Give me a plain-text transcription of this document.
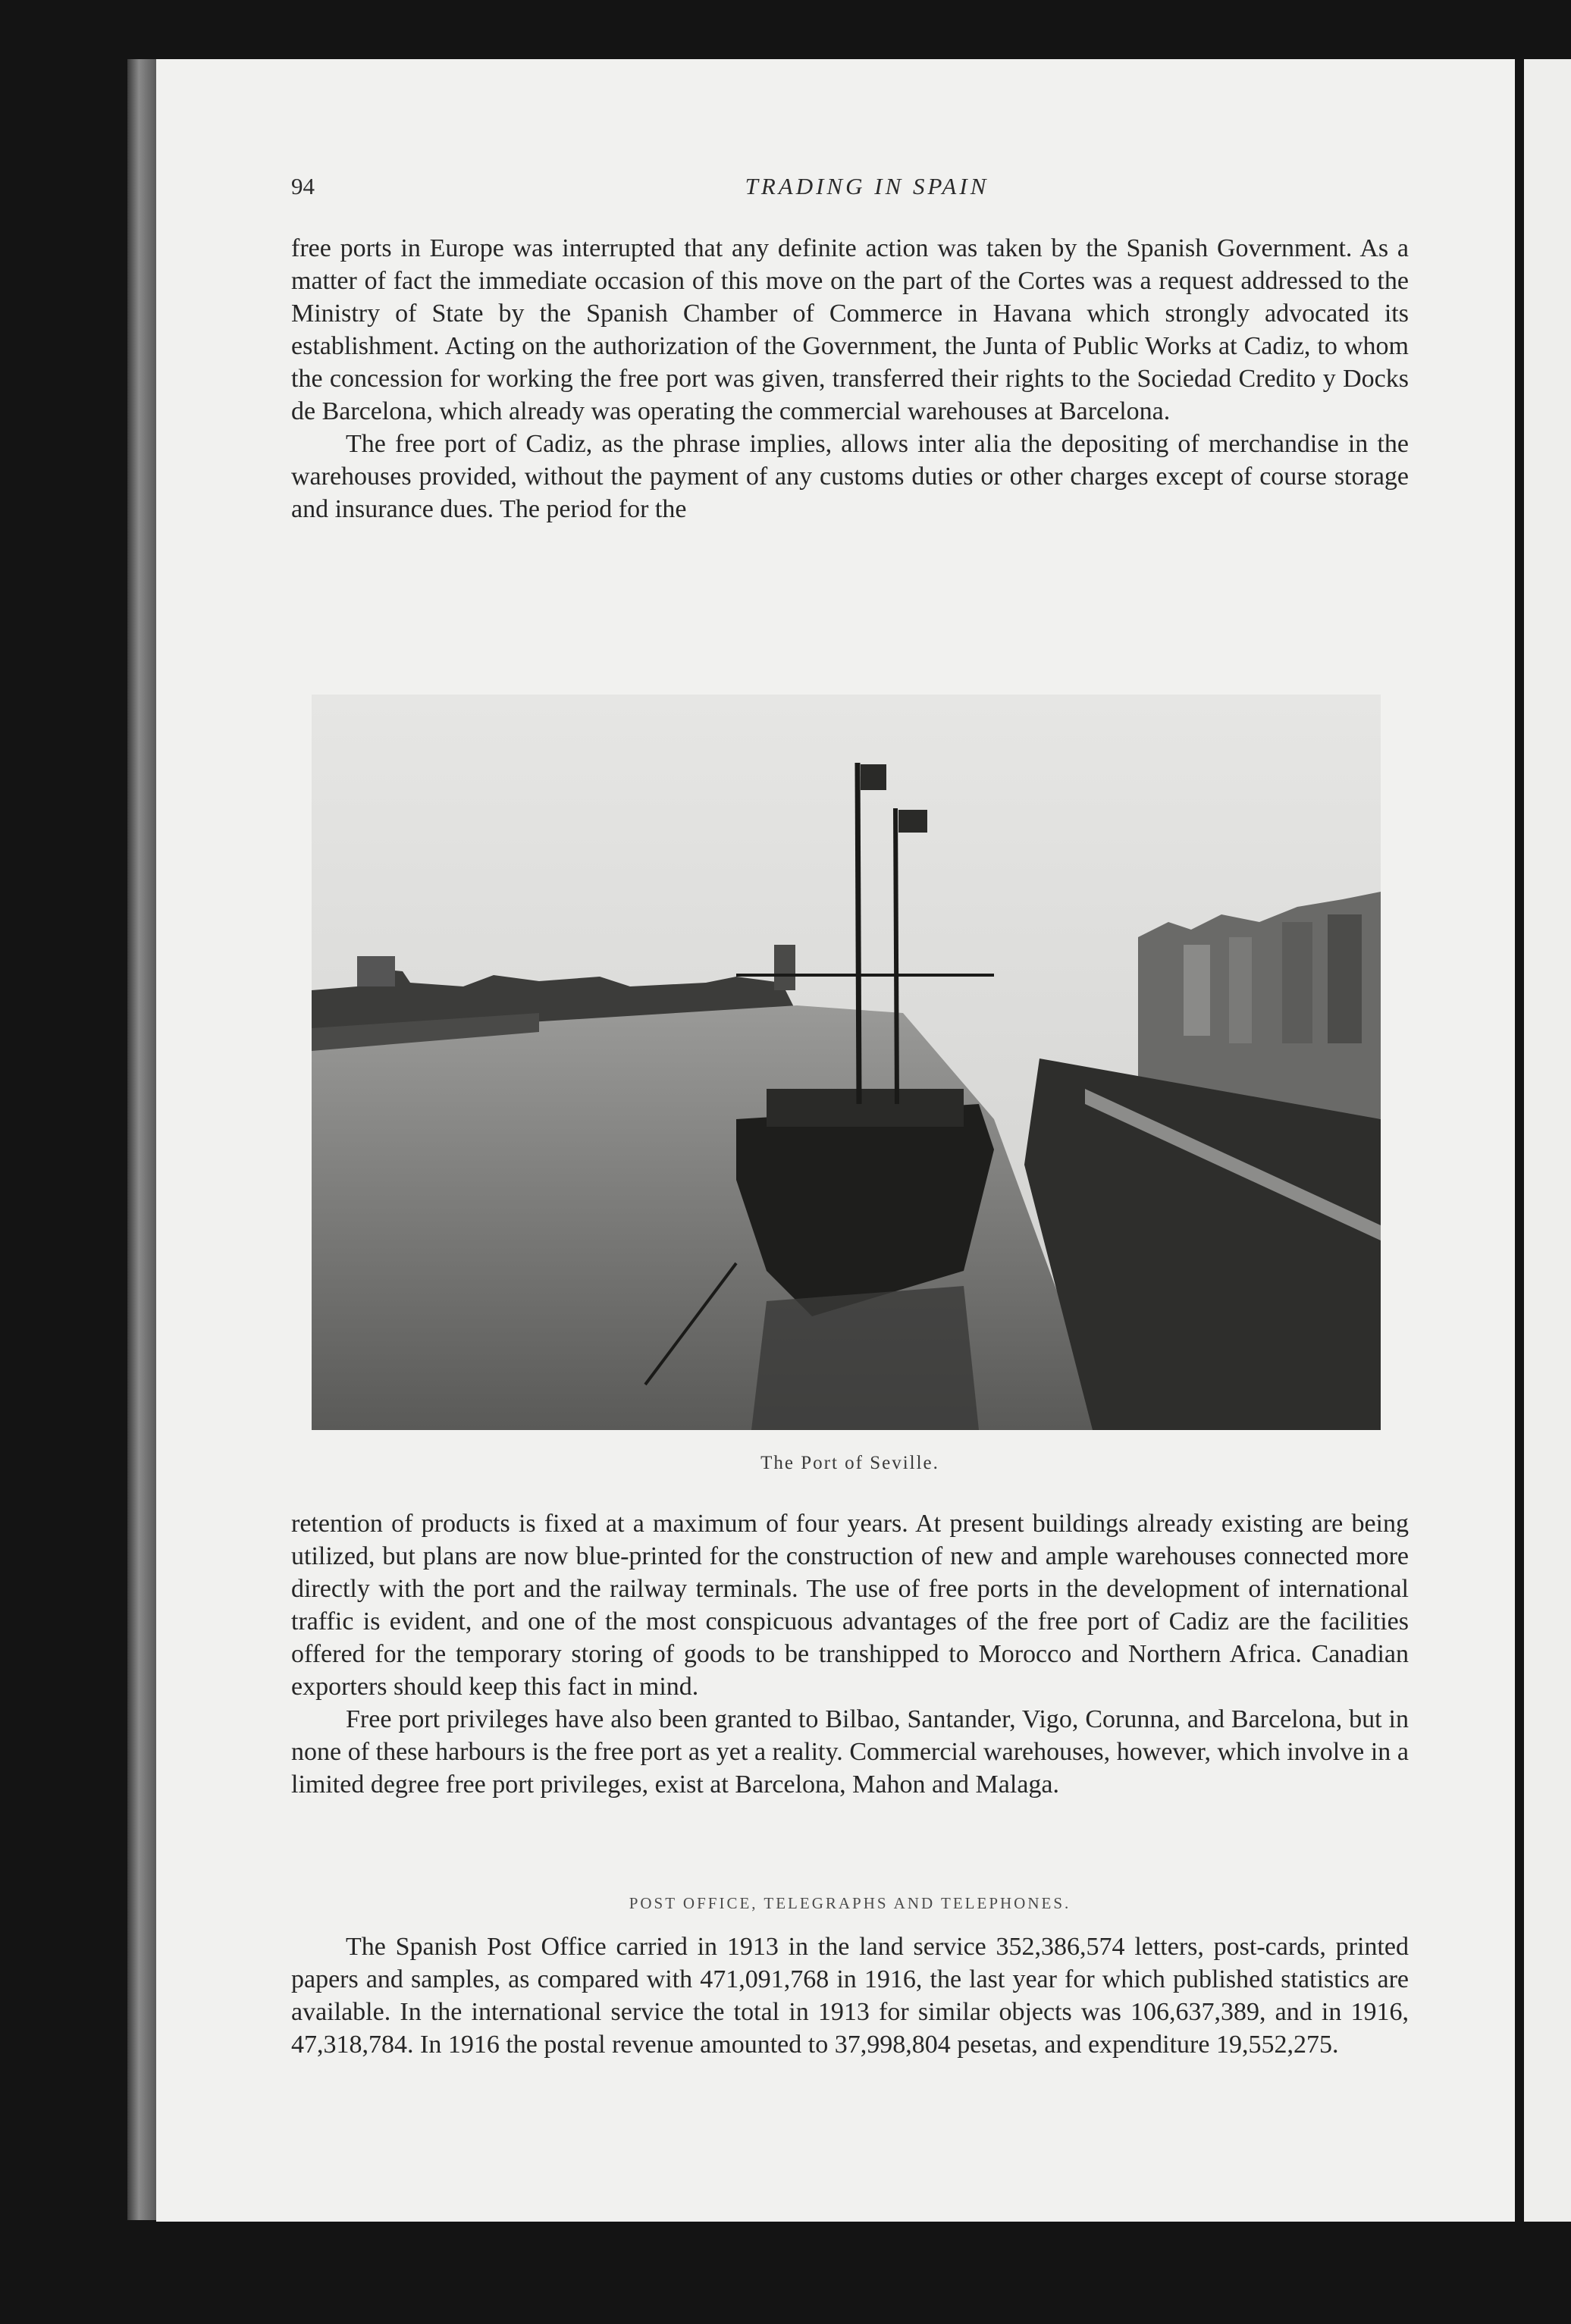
94	TRADING IN SPAIN

free ports in Europe was interrupted that any definite action was taken by the Spanish Government. As a matter of fact the immediate occasion of this move on the part of the Cortes was a request addressed to the Ministry of State by the Spanish Chamber of Commerce in Havana which strongly advocated its establishment. Acting on the authorization of the Government, the Junta of Public Works at Cadiz, to whom the concession for working the free port was given, transferred their rights to the Sociedad Credito y Docks de Barcelona, which already was operating the commercial warehouses at Barcelona.

The free port of Cadiz, as the phrase implies, allows inter alia the depositing of merchandise in the warehouses provided, without the payment of any customs duties or other charges except of course storage and insurance dues. The period for the

The Port of Seville.

retention of products is fixed at a maximum of four years. At present buildings already existing are being utilized, but plans are now blue-printed for the construction of new and ample warehouses connected more directly with the port and the railway terminals. The use of free ports in the development of international traffic is evident, and one of the most conspicuous advantages of the free port of Cadiz are the facilities offered for the temporary storing of goods to be transhipped to Morocco and Northern Africa. Canadian exporters should keep this fact in mind.

Free port privileges have also been granted to Bilbao, Santander, Vigo, Corunna, and Barcelona, but in none of these harbours is the free port as yet a reality. Commercial warehouses, however, which involve in a limited degree free port privileges, exist at Barcelona, Mahon and Malaga.

POST OFFICE, TELEGRAPHS AND TELEPHONES.

The Spanish Post Office carried in 1913 in the land service 352,386,574 letters, post-cards, printed papers and samples, as compared with 471,091,768 in 1916, the last year for which published statistics are available. In the international service the total in 1913 for similar objects was 106,637,389, and in 1916, 47,318,784. In 1916 the postal revenue amounted to 37,998,804 pesetas, and expenditure 19,552,275.
